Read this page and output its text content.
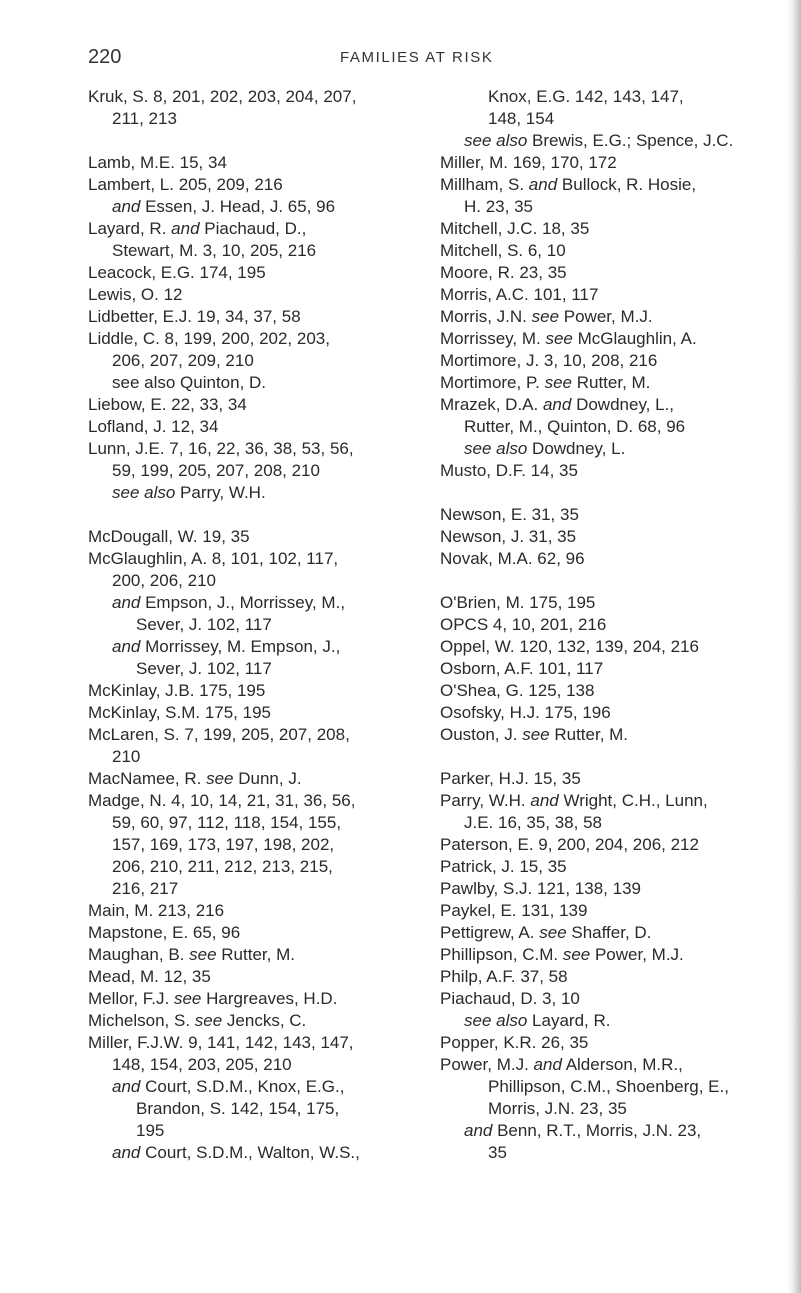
220	FAMILIES AT RISK
Kruk, S. 8, 201, 202, 203, 204, 207,
211, 213
Lamb, M.E. 15, 34
Lambert, L. 205, 209, 216
and Essen, J. Head, J. 65, 96
Layard, R. and Piachaud, D.,
Stewart, M. 3, 10, 205, 216
Leacock, E.G. 174, 195
Lewis, O. 12
Lidbetter, E.J. 19, 34, 37, 58
Liddle, C. 8, 199, 200, 202, 203,
206, 207, 209, 210
see also Quinton, D.
Liebow, E. 22, 33, 34
Lofland, J. 12, 34
Lunn, J.E. 7, 16, 22, 36, 38, 53, 56,
59, 199, 205, 207, 208, 210
see also Parry, W.H.
McDougall, W. 19, 35
McGlaughlin, A. 8, 101, 102, 117,
200, 206, 210
and Empson, J., Morrissey, M.,
Sever, J. 102, 117
and Morrissey, M. Empson, J.,
Sever, J. 102, 117
McKinlay, J.B. 175, 195
McKinlay, S.M. 175, 195
McLaren, S. 7, 199, 205, 207, 208,
210
MacNamee, R. see Dunn, J.
Madge, N. 4, 10, 14, 21, 31, 36, 56,
59, 60, 97, 112, 118, 154, 155,
157, 169, 173, 197, 198, 202,
206, 210, 211, 212, 213, 215,
216, 217
Main, M. 213, 216
Mapstone, E. 65, 96
Maughan, B. see Rutter, M.
Mead, M. 12, 35
Mellor, F.J. see Hargreaves, H.D.
Michelson, S. see Jencks, C.
Miller, F.J.W. 9, 141, 142, 143, 147,
148, 154, 203, 205, 210
and Court, S.D.M., Knox, E.G.,
Brandon, S. 142, 154, 175,
195
and Court, S.D.M., Walton, W.S.,
Knox, E.G. 142, 143, 147,
148, 154
see also Brewis, E.G.; Spence, J.C.
Miller, M. 169, 170, 172
Millham, S. and Bullock, R. Hosie,
H. 23, 35
Mitchell, J.C. 18, 35
Mitchell, S. 6, 10
Moore, R. 23, 35
Morris, A.C. 101, 117
Morris, J.N. see Power, M.J.
Morrissey, M. see McGlaughlin, A.
Mortimore, J. 3, 10, 208, 216
Mortimore, P. see Rutter, M.
Mrazek, D.A. and Dowdney, L.,
Rutter, M., Quinton, D. 68, 96
see also Dowdney, L.
Musto, D.F. 14, 35
Newson, E. 31, 35
Newson, J. 31, 35
Novak, M.A. 62, 96
O'Brien, M. 175, 195
OPCS 4, 10, 201, 216
Oppel, W. 120, 132, 139, 204, 216
Osborn, A.F. 101, 117
O'Shea, G. 125, 138
Osofsky, H.J. 175, 196
Ouston, J. see Rutter, M.
Parker, H.J. 15, 35
Parry, W.H. and Wright, C.H., Lunn,
J.E. 16, 35, 38, 58
Paterson, E. 9, 200, 204, 206, 212
Patrick, J. 15, 35
Pawlby, S.J. 121, 138, 139
Paykel, E. 131, 139
Pettigrew, A. see Shaffer, D.
Phillipson, C.M. see Power, M.J.
Philp, A.F. 37, 58
Piachaud, D. 3, 10
see also Layard, R.
Popper, K.R. 26, 35
Power, M.J. and Alderson, M.R.,
Phillipson, C.M., Shoenberg, E.,
Morris, J.N. 23, 35
and Benn, R.T., Morris, J.N. 23,
35
